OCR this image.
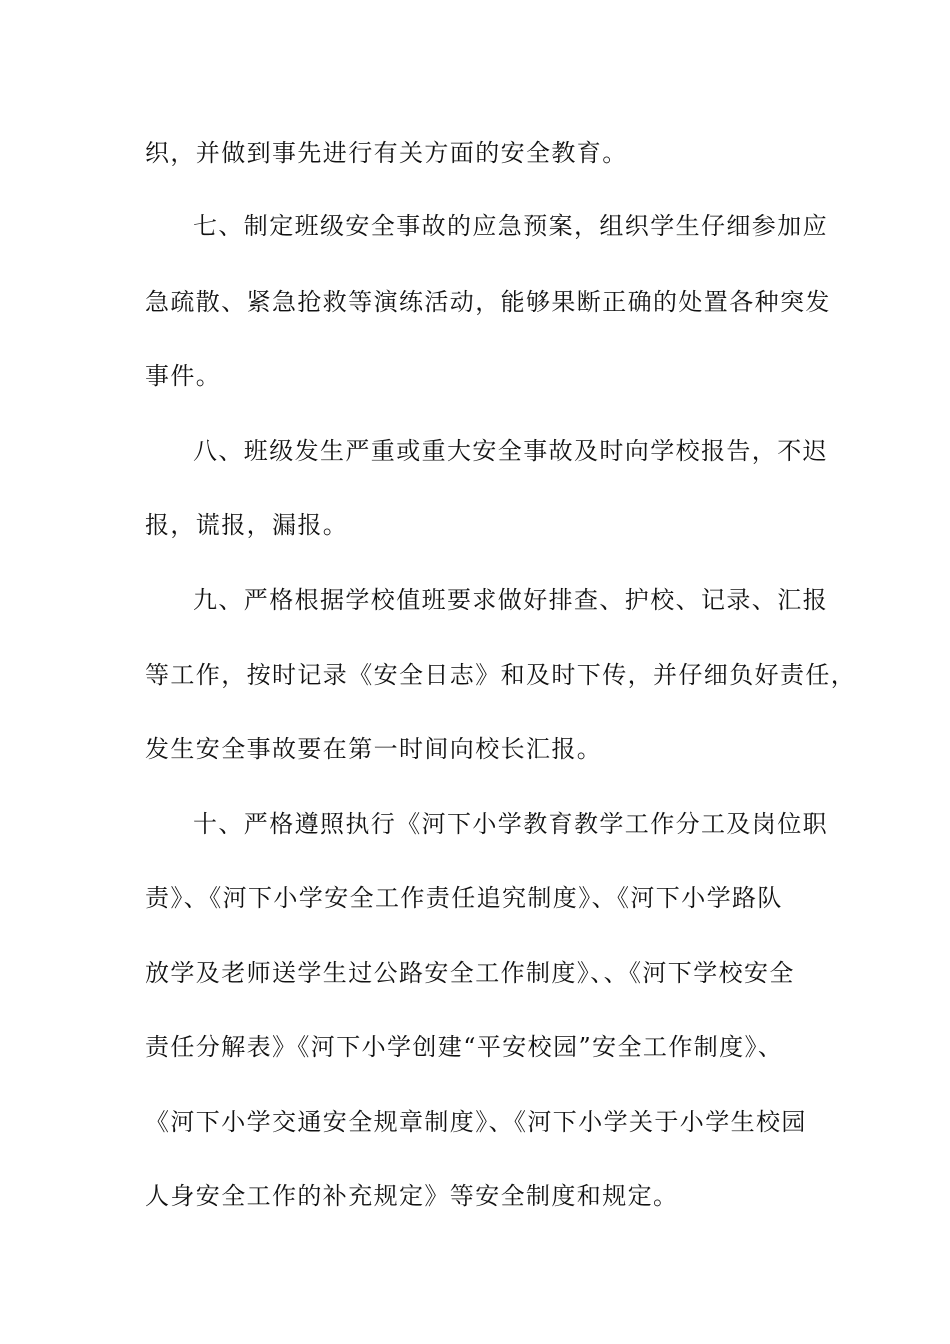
织，并做到事先进行有关方面的安全教育。
七、制定班级安全事故的应急预案，组织学生仔细参加应
急疏散、紧急抢救等演练活动，能够果断正确的处置各种突发
事件。
八、班级发生严重或重大安全事故及时向学校报告，不迟
报，谎报，漏报。
九、严格根据学校值班要求做好排查、护校、记录、汇报
等工作，按时记录《安全日志》和及时下传，并仔细负好责任，
发生安全事故要在第一时间向校长汇报。
十、严格遵照执行《河下小学教育教学工作分工及岗位职
责》、《河下小学安全工作责任追究制度》、《河下小学路队
放学及老师送学生过公路安全工作制度》、、《河下学校安全
责任分解表》《河下小学创建“平安校园”安全工作制度》、
《河下小学交通安全规章制度》、《河下小学关于小学生校园
人身安全工作的补充规定》等安全制度和规定。
